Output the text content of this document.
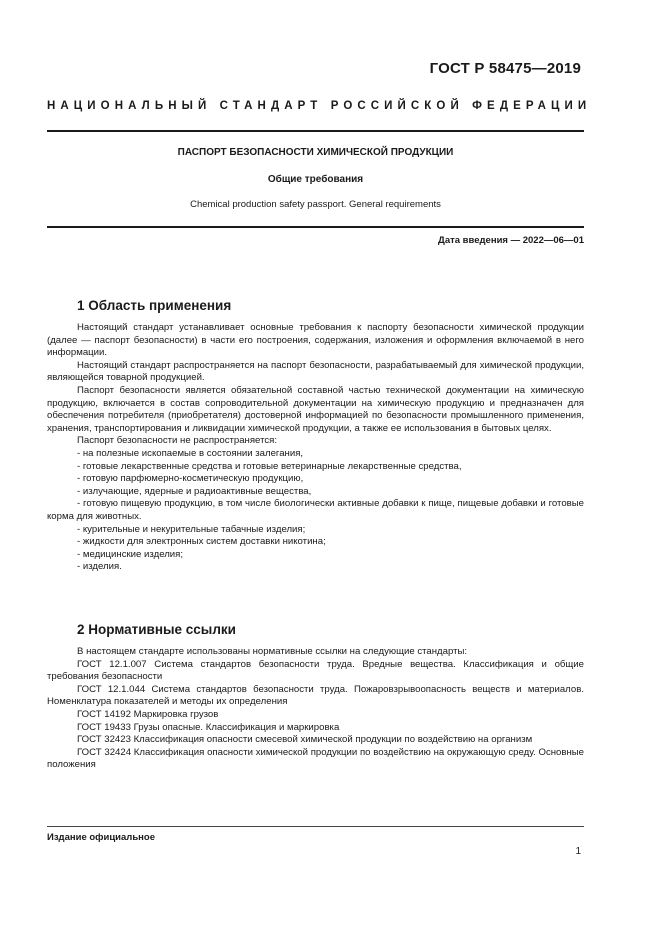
ГОСТ Р 58475—2019
НАЦИОНАЛЬНЫЙ СТАНДАРТ РОССИЙСКОЙ ФЕДЕРАЦИИ
ПАСПОРТ БЕЗОПАСНОСТИ ХИМИЧЕСКОЙ ПРОДУКЦИИ
Общие требования
Chemical production safety passport. General requirements
Дата введения — 2022—06—01
1 Область применения

Настоящий стандарт устанавливает основные требования к паспорту безопасности химической продукции (далее — паспорт безопасности) в части его построения, содержания, изложения и оформления включаемой в него информации.

Настоящий стандарт распространяется на паспорт безопасности, разрабатываемый для химической продукции, являющейся товарной продукцией.

Паспорт безопасности является обязательной составной частью технической документации на химическую продукцию, включается в состав сопроводительной документации на химическую продукцию и предназначен для обеспечения потребителя (приобретателя) достоверной информацией по безопасности промышленного применения, хранения, транспортирования и ликвидации химической продукции, а также ее использования в бытовых целях.

Паспорт безопасности не распространяется:

- на полезные ископаемые в состоянии залегания,

- готовые лекарственные средства и готовые ветеринарные лекарственные средства,

- готовую парфюмерно-косметическую продукцию,

- излучающие, ядерные и радиоактивные вещества,

- готовую пищевую продукцию, в том числе биологически активные добавки к пище, пищевые добавки и готовые корма для животных.

- курительные и некурительные табачные изделия;

- жидкости для электронных систем доставки никотина;

- медицинские изделия;

- изделия.

2 Нормативные ссылки

В настоящем стандарте использованы нормативные ссылки на следующие стандарты:

ГОСТ 12.1.007 Система стандартов безопасности труда. Вредные вещества. Классификация и общие требования безопасности

ГОСТ 12.1.044 Система стандартов безопасности труда. Пожаровзрывоопасность веществ и материалов. Номенклатура показателей и методы их определения

ГОСТ 14192 Маркировка грузов

ГОСТ 19433 Грузы опасные. Классификация и маркировка

ГОСТ 32423 Классификация опасности смесевой химической продукции по воздействию на организм

ГОСТ 32424 Классификация опасности химической продукции по воздействию на окружающую среду. Основные положения

Издание официальное
1
